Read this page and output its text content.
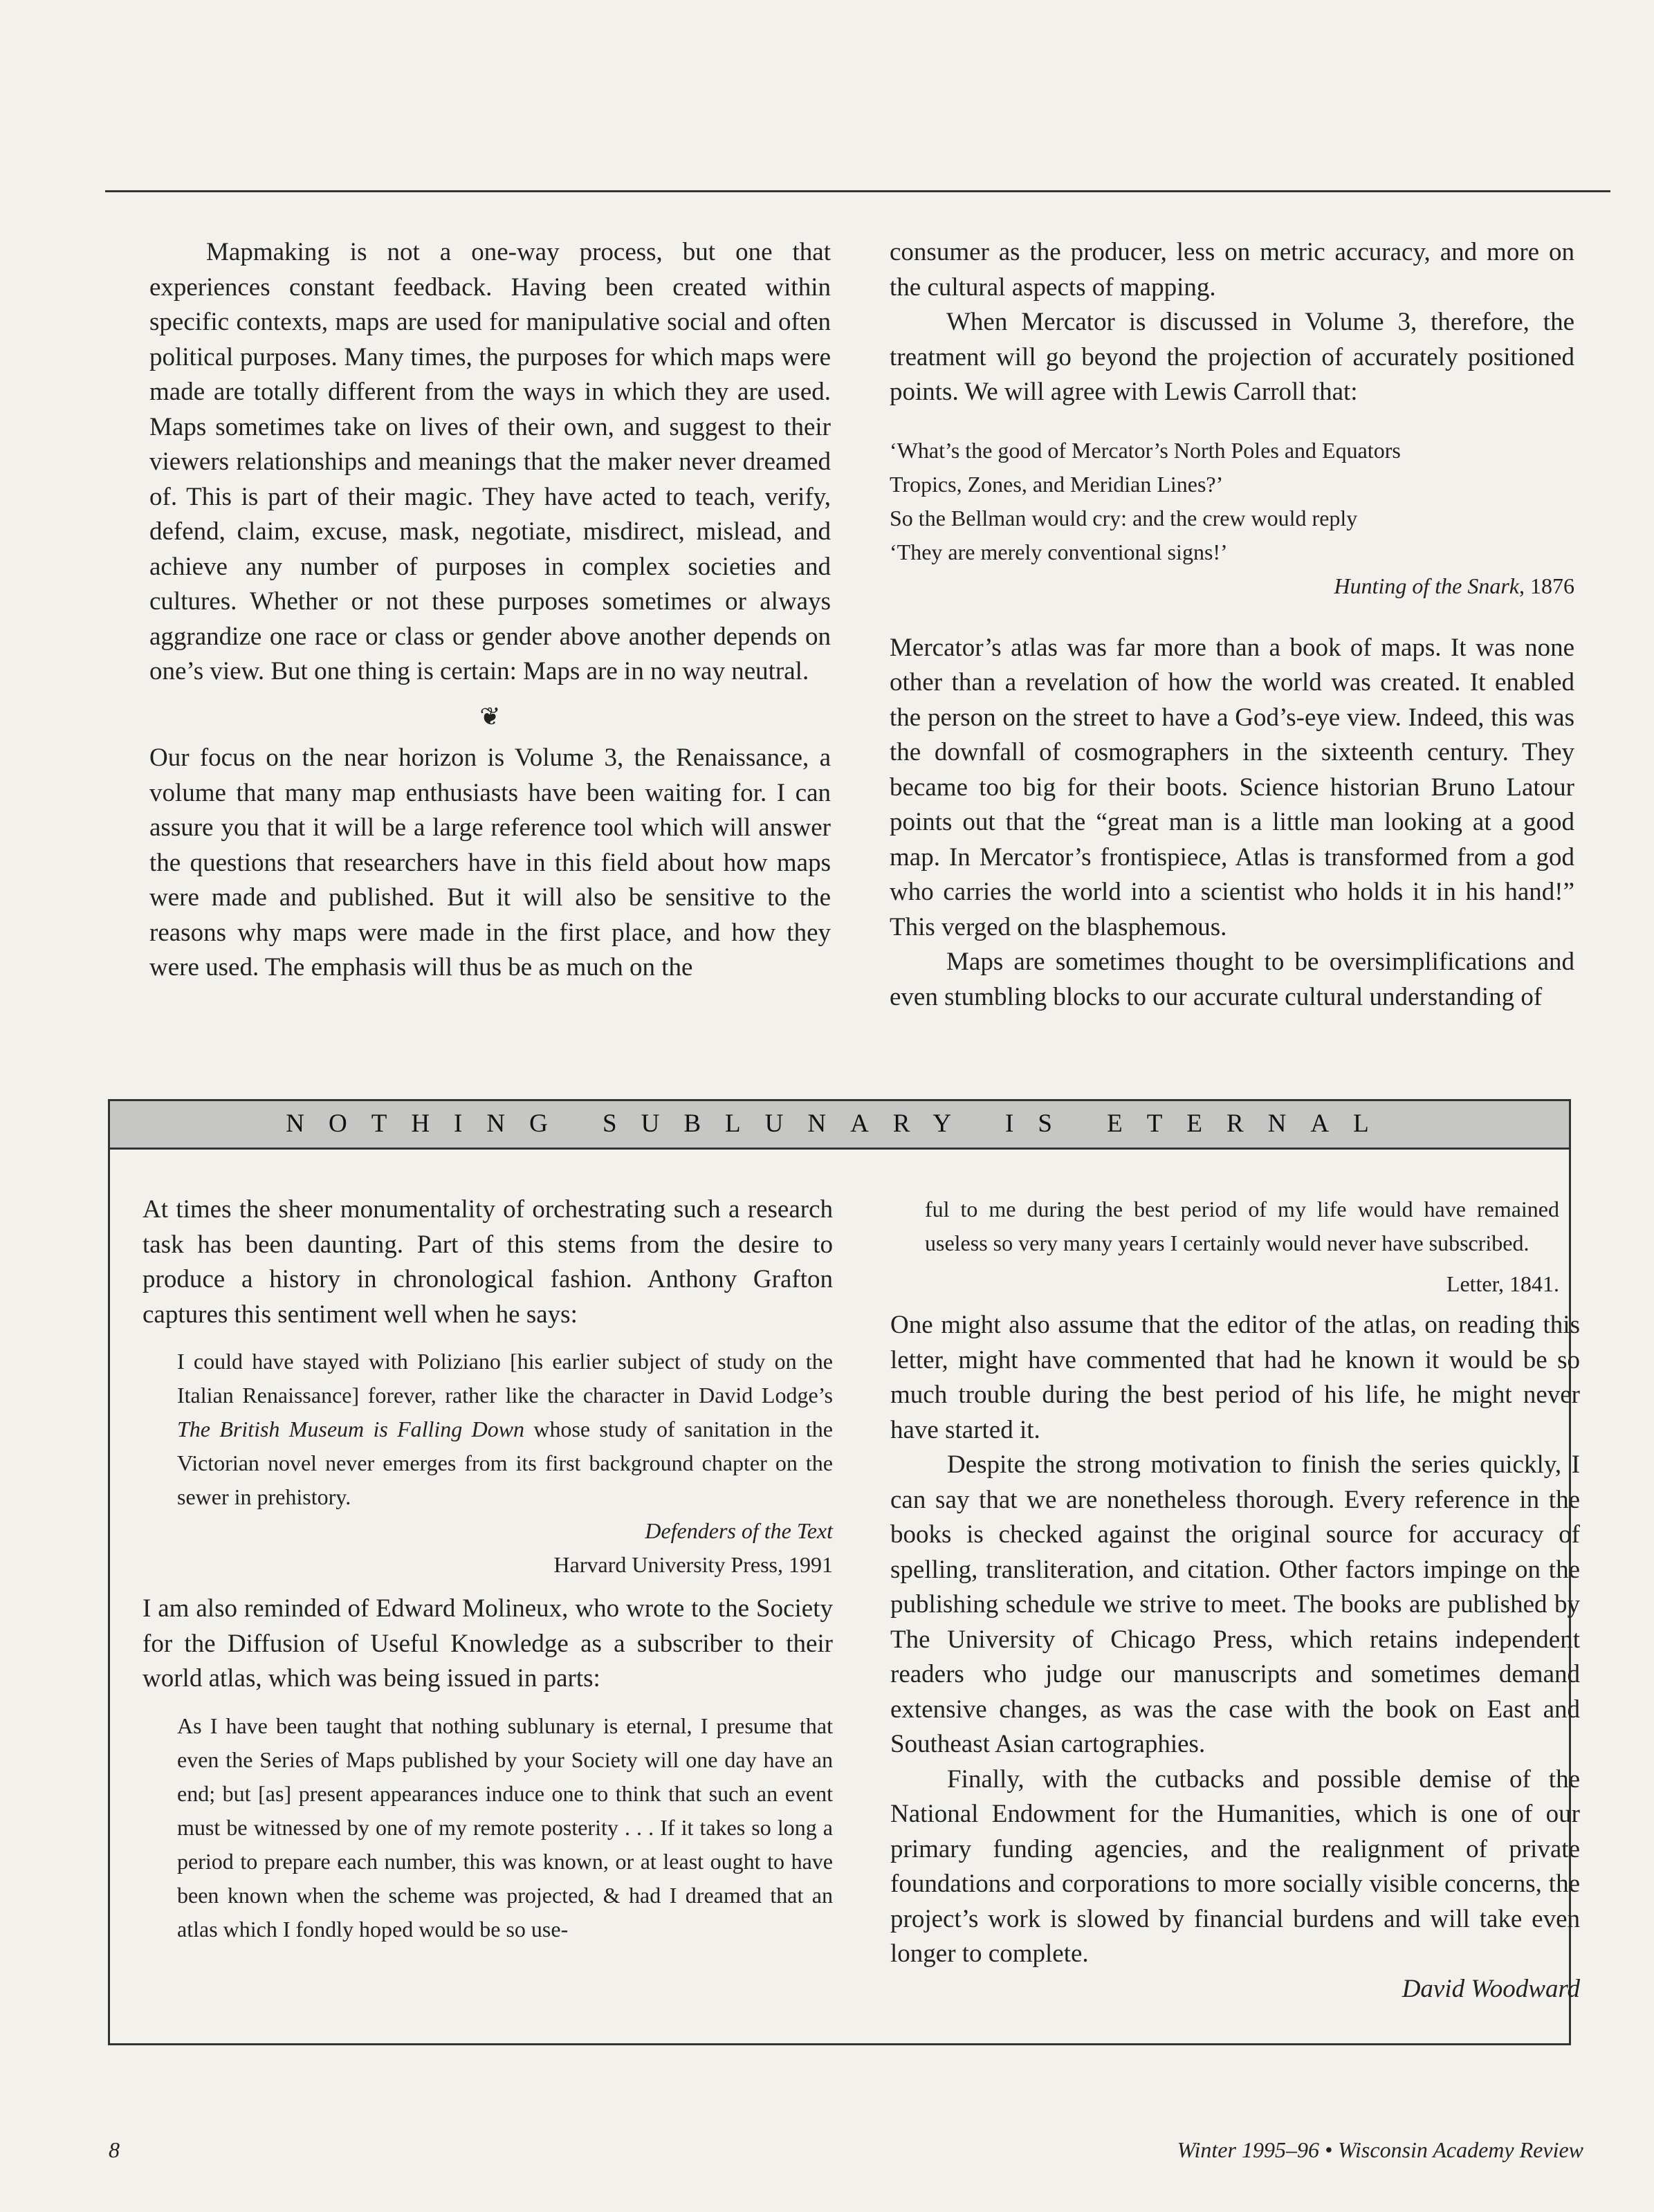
Mapmaking is not a one-way process, but one that experiences constant feedback. Having been created within specific contexts, maps are used for manipulative social and often political purposes. Many times, the purposes for which maps were made are totally different from the ways in which they are used. Maps sometimes take on lives of their own, and suggest to their viewers relationships and meanings that the maker never dreamed of. This is part of their magic. They have acted to teach, verify, defend, claim, excuse, mask, negotiate, misdirect, mislead, and achieve any number of purposes in complex societies and cultures. Whether or not these purposes sometimes or always aggrandize one race or class or gender above another depends on one’s view. But one thing is certain: Maps are in no way neutral.

❦

Our focus on the near horizon is Volume 3, the Renaissance, a volume that many map enthusiasts have been waiting for. I can assure you that it will be a large reference tool which will answer the questions that researchers have in this field about how maps were made and published. But it will also be sensitive to the reasons why maps were made in the first place, and how they were used. The emphasis will thus be as much on the

consumer as the producer, less on metric accuracy, and more on the cultural aspects of mapping.

When Mercator is discussed in Volume 3, therefore, the treatment will go beyond the projection of accurately positioned points. We will agree with Lewis Carroll that:

‘What’s the good of Mercator’s North Poles and Equators
Tropics, Zones, and Meridian Lines?’
So the Bellman would cry: and the crew would reply
‘They are merely conventional signs!’
Hunting of the Snark, 1876

Mercator’s atlas was far more than a book of maps. It was none other than a revelation of how the world was created. It enabled the person on the street to have a God’s-eye view. Indeed, this was the downfall of cosmographers in the sixteenth century. They became too big for their boots. Science historian Bruno Latour points out that the “great man is a little man looking at a good map. In Mercator’s frontispiece, Atlas is transformed from a god who carries the world into a scientist who holds it in his hand!” This verged on the blasphemous.

Maps are sometimes thought to be oversimplifications and even stumbling blocks to our accurate cultural understanding of

NOTHING SUBLUNARY IS ETERNAL

At times the sheer monumentality of orchestrating such a research task has been daunting. Part of this stems from the desire to produce a history in chronological fashion. Anthony Grafton captures this sentiment well when he says:

I could have stayed with Poliziano [his earlier subject of study on the Italian Renaissance] forever, rather like the character in David Lodge’s The British Museum is Falling Down whose study of sanitation in the Victorian novel never emerges from its first background chapter on the sewer in prehistory.
Defenders of the Text
Harvard University Press, 1991

I am also reminded of Edward Molineux, who wrote to the Society for the Diffusion of Useful Knowledge as a subscriber to their world atlas, which was being issued in parts:

As I have been taught that nothing sublunary is eternal, I presume that even the Series of Maps published by your Society will one day have an end; but [as] present appearances induce one to think that such an event must be witnessed by one of my remote posterity . . . If it takes so long a period to prepare each number, this was known, or at least ought to have been known when the scheme was projected, & had I dreamed that an atlas which I fondly hoped would be so use-
ful to me during the best period of my life would have remained useless so very many years I certainly would never have subscribed.
Letter, 1841.

One might also assume that the editor of the atlas, on reading this letter, might have commented that had he known it would be so much trouble during the best period of his life, he might never have started it.

Despite the strong motivation to finish the series quickly, I can say that we are nonetheless thorough. Every reference in the books is checked against the original source for accuracy of spelling, transliteration, and citation. Other factors impinge on the publishing schedule we strive to meet. The books are published by The University of Chicago Press, which retains independent readers who judge our manuscripts and sometimes demand extensive changes, as was the case with the book on East and Southeast Asian cartographies.

Finally, with the cutbacks and possible demise of the National Endowment for the Humanities, which is one of our primary funding agencies, and the realignment of private foundations and corporations to more socially visible concerns, the project’s work is slowed by financial burdens and will take even longer to complete.

David Woodward
8	Winter 1995–96 • Wisconsin Academy Review
